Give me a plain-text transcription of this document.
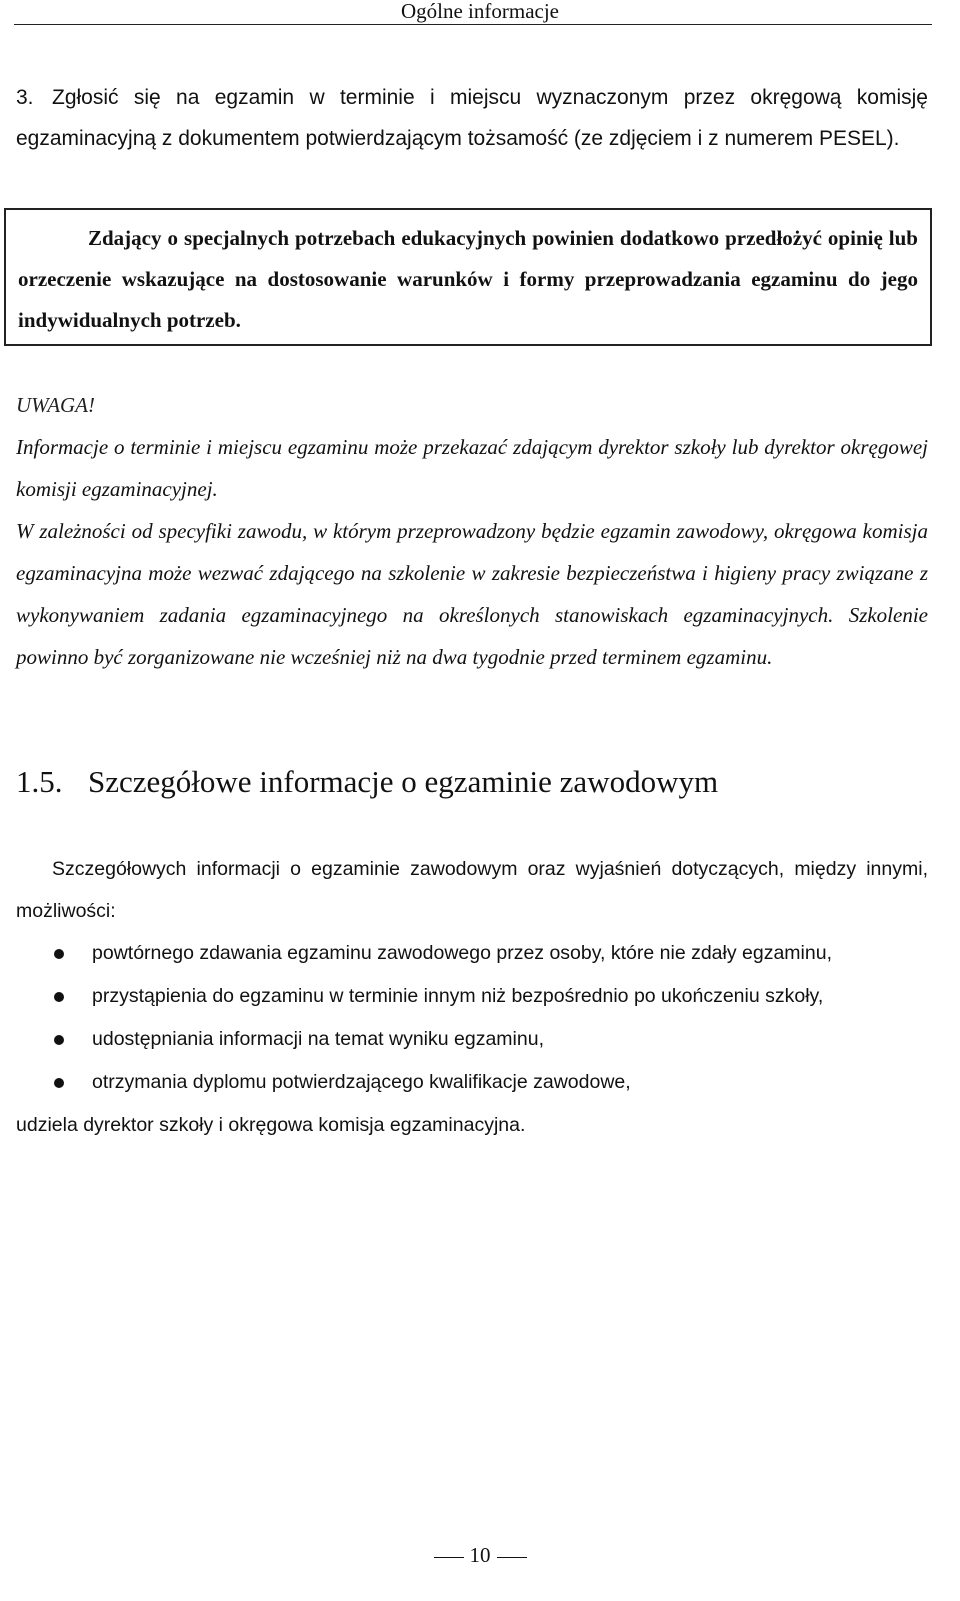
Ogólne informacje
3. Zgłosić się na egzamin w terminie i miejscu wyznaczonym przez okręgową komisję egzaminacyjną z dokumentem potwierdzającym tożsamość (ze zdjęciem i z numerem PESEL).
Zdający o specjalnych potrzebach edukacyjnych powinien dodatkowo przedłożyć opinię lub orzeczenie wskazujące na dostosowanie warunków i formy przeprowadzania egzaminu do jego indywidualnych potrzeb.

UWAGA!

Informacje o terminie i miejscu egzaminu może przekazać zdającym dyrektor szkoły lub dyrektor okręgowej komisji egzaminacyjnej.

W zależności od specyfiki zawodu, w którym przeprowadzony będzie egzamin zawodowy, okręgowa komisja egzaminacyjna może wezwać zdającego na szkolenie w zakresie bezpieczeństwa i higieny pracy związane z wykonywaniem zadania egzaminacyjnego na określonych stanowiskach egzaminacyjnych. Szkolenie powinno być zorganizowane nie wcześniej niż na dwa tygodnie przed terminem egzaminu.

1.5. Szczegółowe informacje o egzaminie zawodowym
Szczegółowych informacji o egzaminie zawodowym oraz wyjaśnień dotyczących, między innymi, możliwości:
powtórnego zdawania egzaminu zawodowego przez osoby, które nie zdały egzaminu,
przystąpienia do egzaminu w terminie innym niż bezpośrednio po ukończeniu szkoły,
udostępniania informacji na temat wyniku egzaminu,
otrzymania dyplomu potwierdzającego kwalifikacje zawodowe,
udziela dyrektor szkoły i okręgowa komisja egzaminacyjna.
10
